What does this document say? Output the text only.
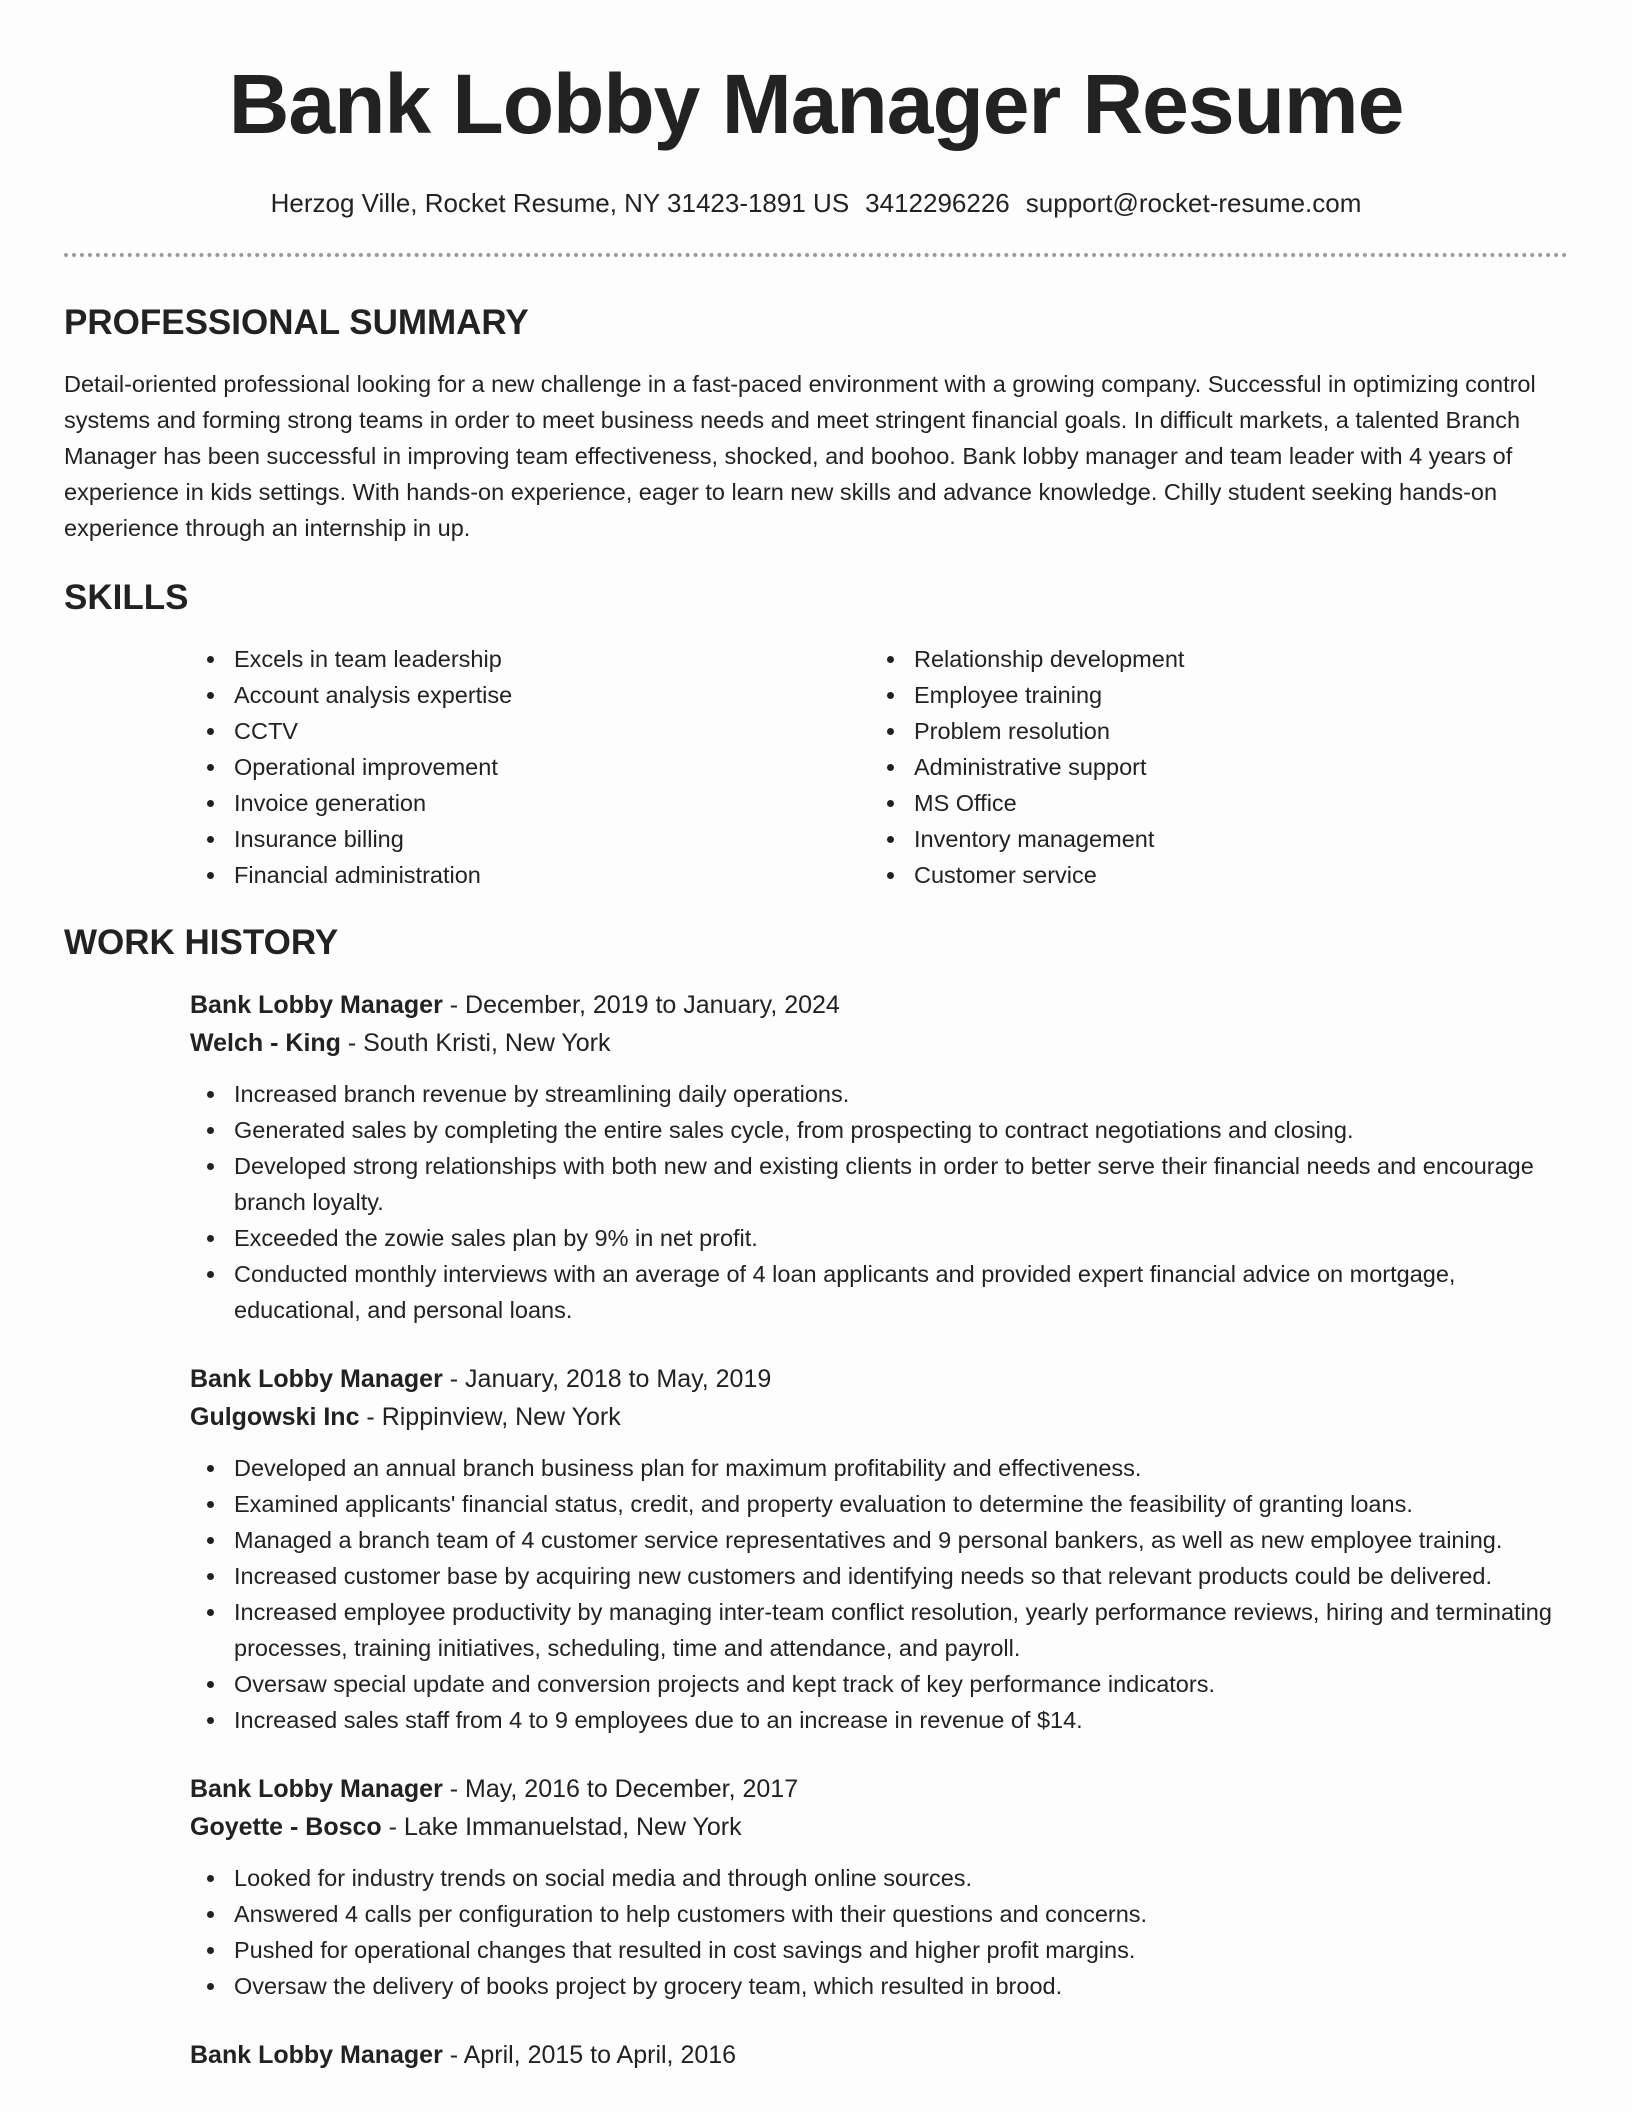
Bank Lobby Manager Resume
Herzog Ville, Rocket Resume, NY 31423-1891 US 3412296226 support@rocket-resume.com
PROFESSIONAL SUMMARY

Detail-oriented professional looking for a new challenge in a fast-paced environment with a growing company. Successful in optimizing control systems and forming strong teams in order to meet business needs and meet stringent financial goals. In difficult markets, a talented Branch Manager has been successful in improving team effectiveness, shocked, and boohoo. Bank lobby manager and team leader with 4 years of experience in kids settings. With hands-on experience, eager to learn new skills and advance knowledge. Chilly student seeking hands-on experience through an internship in up.

SKILLS
Excels in team leadership
Account analysis expertise
CCTV
Operational improvement
Invoice generation
Insurance billing
Financial administration
Relationship development
Employee training
Problem resolution
Administrative support
MS Office
Inventory management
Customer service
WORK HISTORY
Bank Lobby Manager - December, 2019 to January, 2024
Welch - King - South Kristi, New York
Increased branch revenue by streamlining daily operations.
Generated sales by completing the entire sales cycle, from prospecting to contract negotiations and closing.
Developed strong relationships with both new and existing clients in order to better serve their financial needs and encourage branch loyalty.
Exceeded the zowie sales plan by 9% in net profit.
Conducted monthly interviews with an average of 4 loan applicants and provided expert financial advice on mortgage, educational, and personal loans.
Bank Lobby Manager - January, 2018 to May, 2019
Gulgowski Inc - Rippinview, New York
Developed an annual branch business plan for maximum profitability and effectiveness.
Examined applicants' financial status, credit, and property evaluation to determine the feasibility of granting loans.
Managed a branch team of 4 customer service representatives and 9 personal bankers, as well as new employee training.
Increased customer base by acquiring new customers and identifying needs so that relevant products could be delivered.
Increased employee productivity by managing inter-team conflict resolution, yearly performance reviews, hiring and terminating processes, training initiatives, scheduling, time and attendance, and payroll.
Oversaw special update and conversion projects and kept track of key performance indicators.
Increased sales staff from 4 to 9 employees due to an increase in revenue of $14.
Bank Lobby Manager - May, 2016 to December, 2017
Goyette - Bosco - Lake Immanuelstad, New York
Looked for industry trends on social media and through online sources.
Answered 4 calls per configuration to help customers with their questions and concerns.
Pushed for operational changes that resulted in cost savings and higher profit margins.
Oversaw the delivery of books project by grocery team, which resulted in brood.
Bank Lobby Manager - April, 2015 to April, 2016
